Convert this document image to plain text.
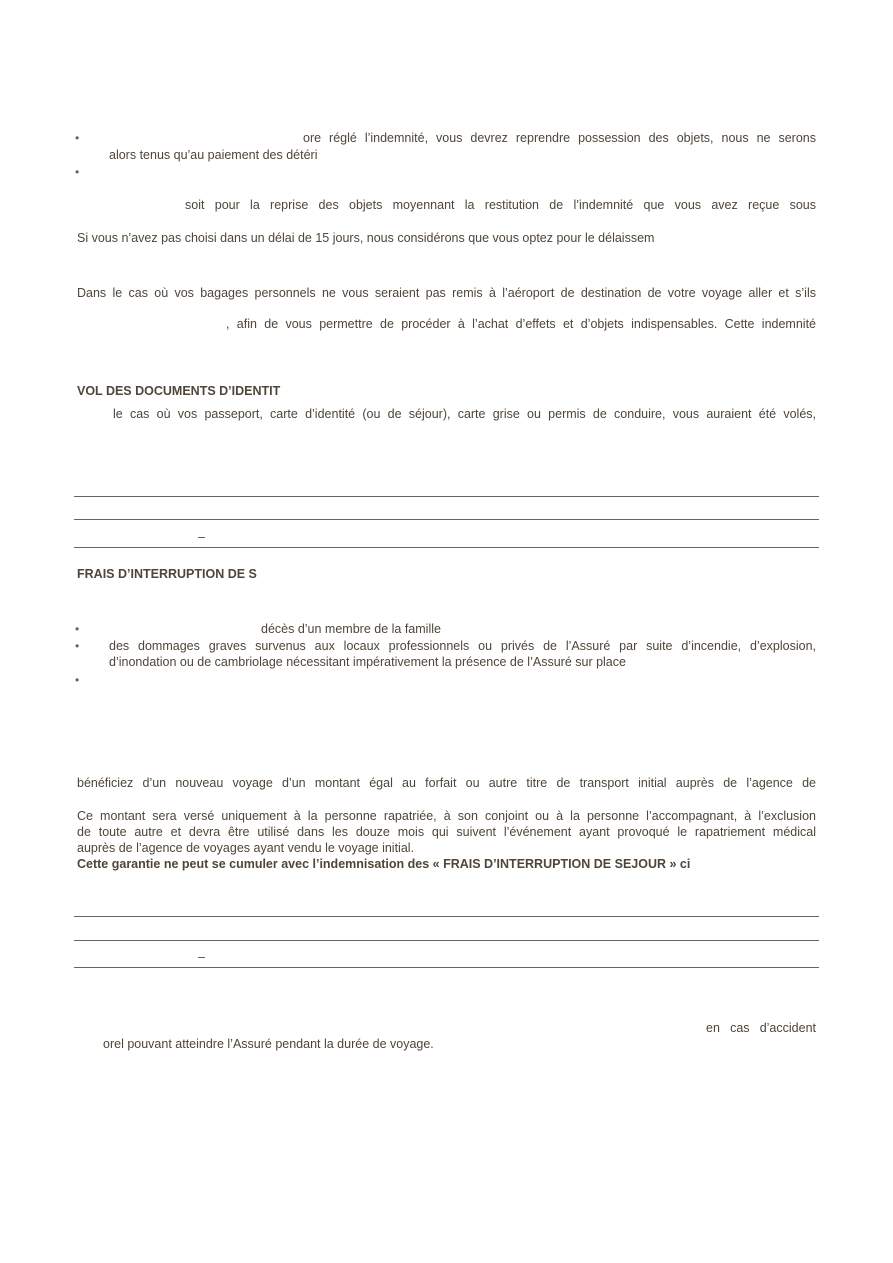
•	ore réglé l’indemnité, vous devrez reprendre possession des objets, nous ne serons
alors tenus qu’au paiement des détéri
•
soit pour la reprise des objets moyennant la restitution de l’indemnité que vous avez reçue sous
Si vous n’avez pas choisi dans un délai de 15 jours, nous considérons que vous optez pour le délaissem
Dans le cas où vos bagages personnels ne vous seraient pas remis à l’aéroport de destination de votre voyage aller et s’ils
, afin de vous permettre de procéder à l’achat d’effets et d’objets indispensables. Cette indemnité
VOL DES DOCUMENTS D’IDENTIT
le cas où vos passeport, carte d’identité (ou de séjour), carte grise ou permis de conduire, vous auraient été volés,
–
FRAIS D’INTERRUPTION DE S
•	décès d’un membre de la famille
• des dommages graves survenus aux locaux professionnels ou privés de l’Assuré par suite d’incendie, d’explosion,
d’inondation ou de cambriolage nécessitant impérativement la présence de l’Assuré sur place
•
bénéficiez d’un nouveau voyage d’un montant égal au forfait ou autre titre de transport initial auprès de l’agence de
Ce montant sera versé uniquement à la personne rapatriée, à son conjoint ou à la personne l’accompagnant, à l’exclusion
de toute autre et devra être utilisé dans les douze mois qui suivent l’événement ayant provoqué le rapatriement médical
auprès de l’agence de voyages ayant vendu le voyage initial.
Cette garantie ne peut se cumuler avec l’indemnisation des « FRAIS D’INTERRUPTION DE SEJOUR » ci
–
en cas d’accident
orel pouvant atteindre l’Assuré pendant la durée de voyage.
